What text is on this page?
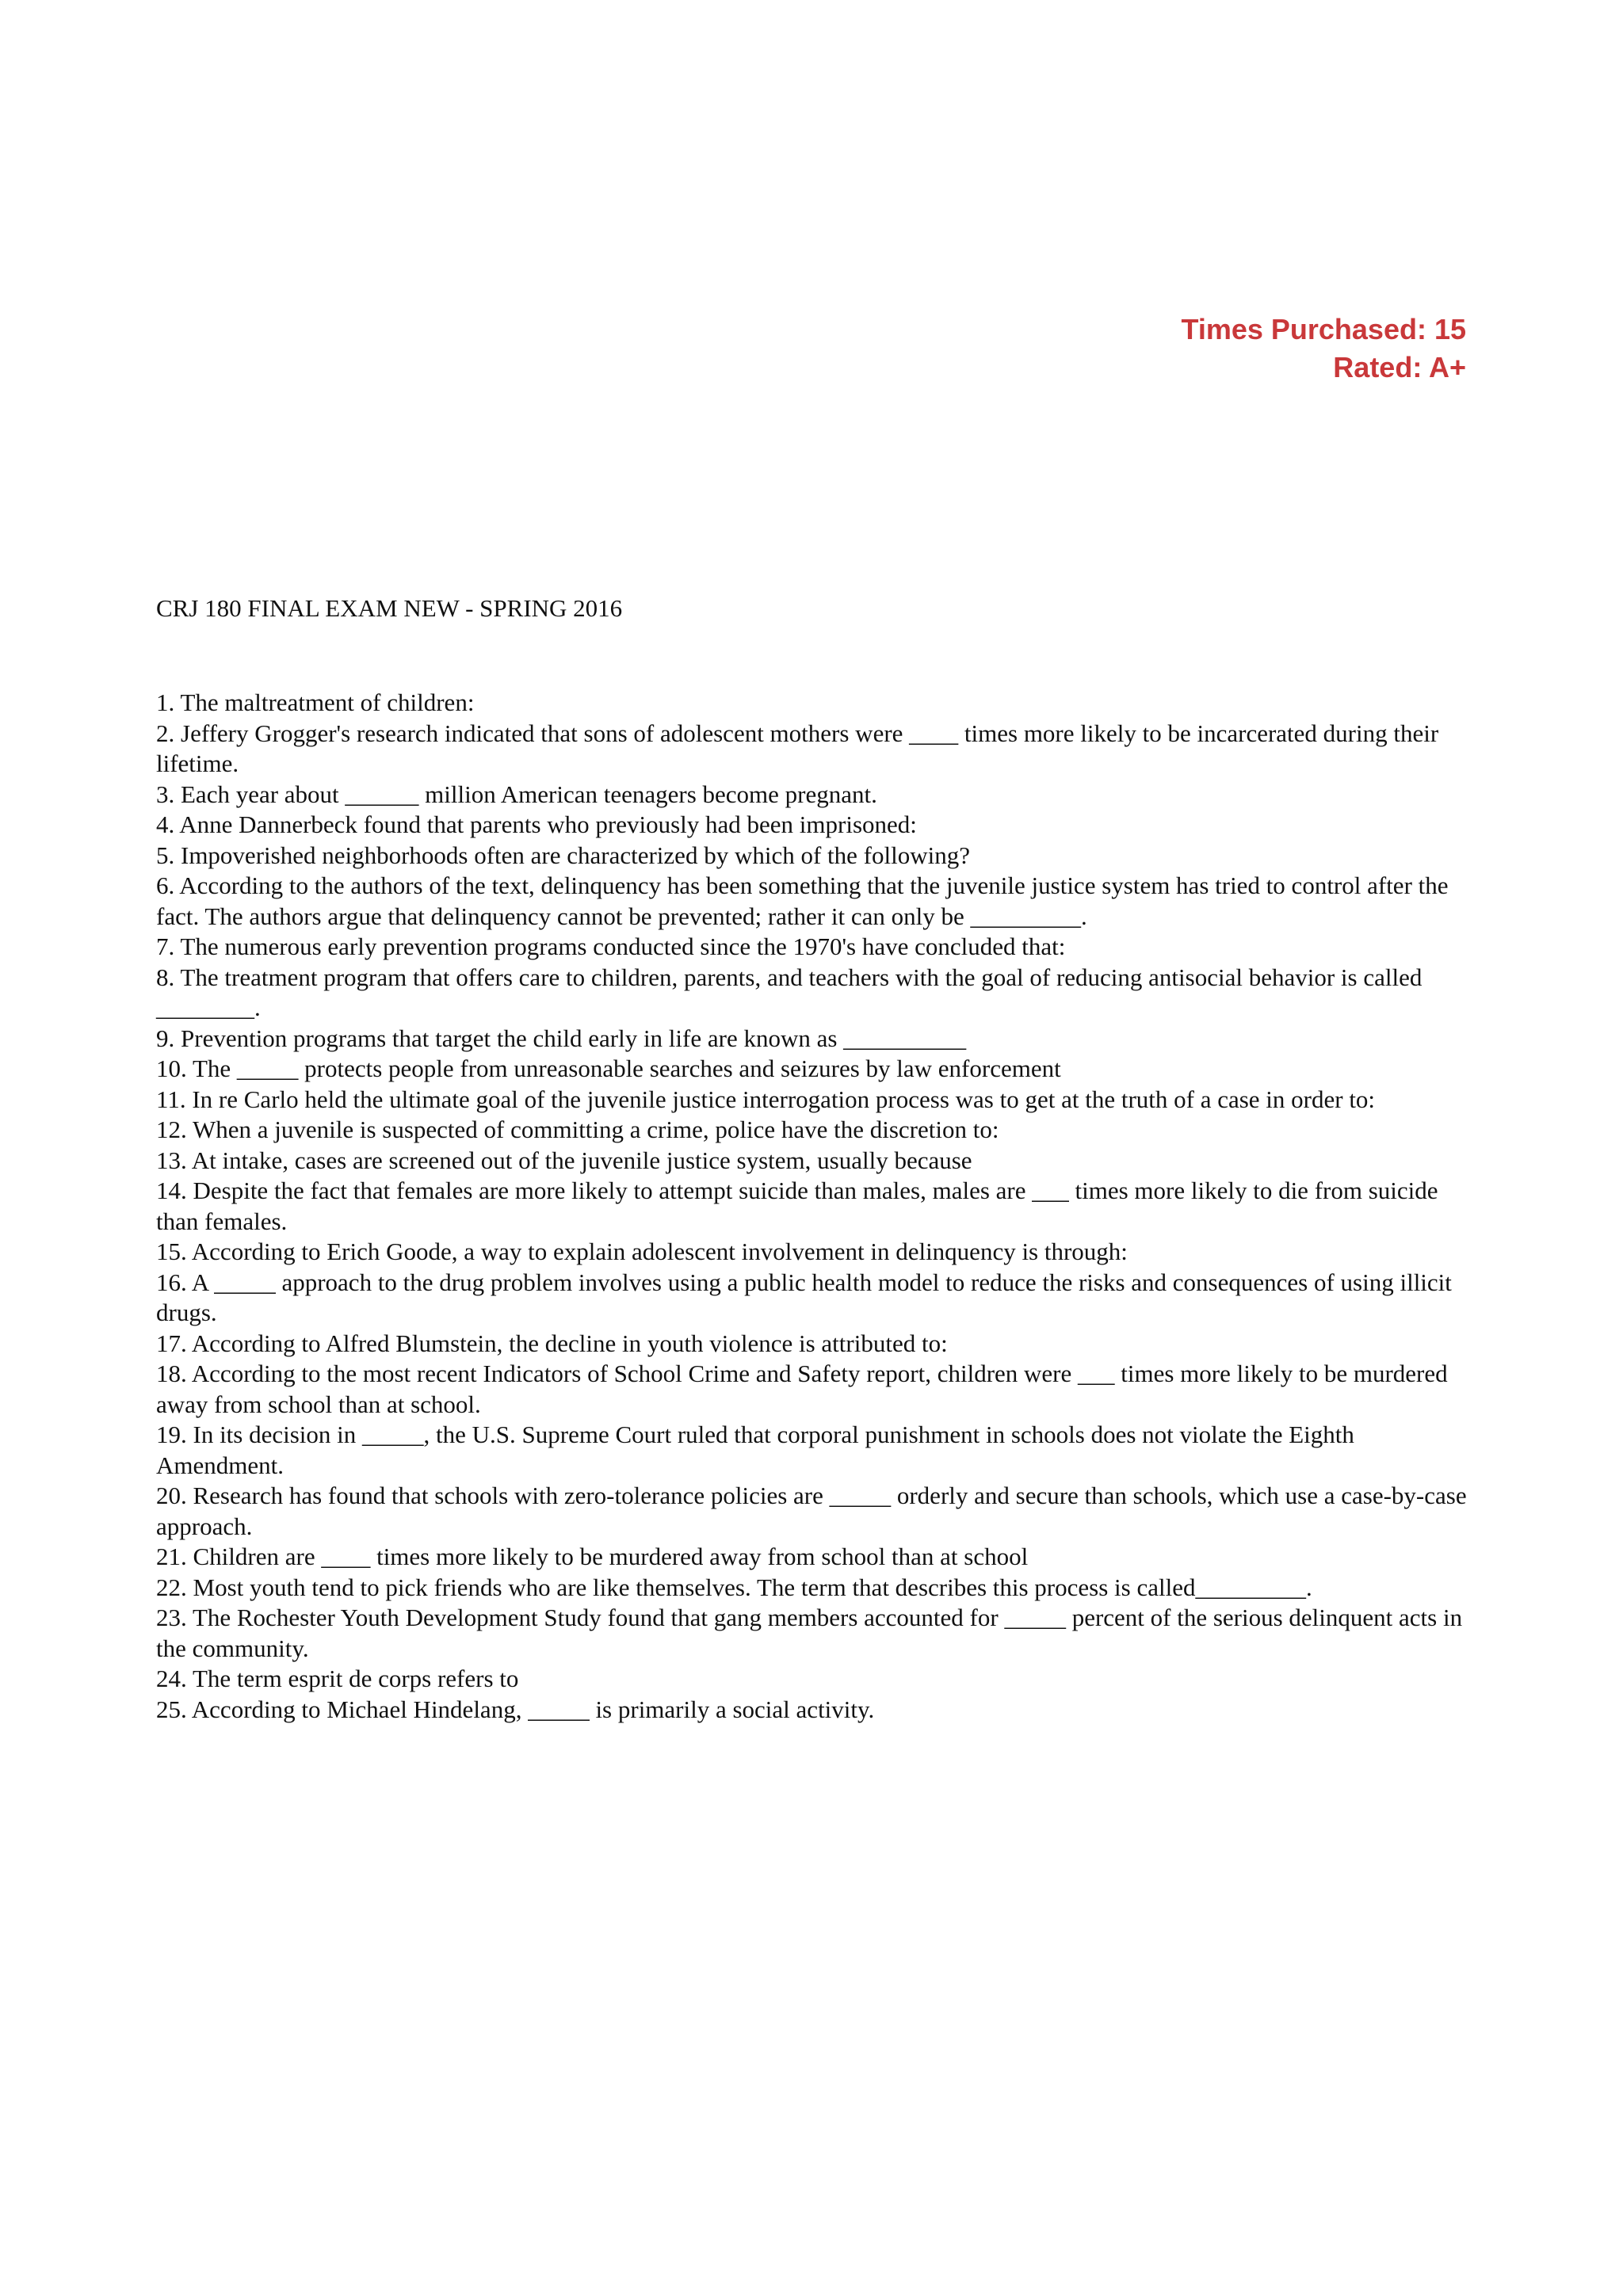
Times Purchased: 15
Rated: A+
CRJ 180 FINAL EXAM NEW - SPRING 2016
1. The maltreatment of children:
2. Jeffery Grogger's research indicated that sons of adolescent mothers were ____ times more likely to be incarcerated during their lifetime.
3. Each year about ______ million American teenagers become pregnant.
4. Anne Dannerbeck found that parents who previously had been imprisoned:
5. Impoverished neighborhoods often are characterized by which of the following?
6. According to the authors of the text, delinquency has been something that the juvenile justice system has tried to control after the fact. The authors argue that delinquency cannot be prevented; rather it can only be _________.
7. The numerous early prevention programs conducted since the 1970's have concluded that:
8. The treatment program that offers care to children, parents, and teachers with the goal of reducing antisocial behavior is called ________.
9. Prevention programs that target the child early in life are known as __________
10. The _____ protects people from unreasonable searches and seizures by law enforcement
11. In re Carlo held the ultimate goal of the juvenile justice interrogation process was to get at the truth of a case in order to:
12. When a juvenile is suspected of committing a crime, police have the discretion to:
13. At intake, cases are screened out of the juvenile justice system, usually because
14. Despite the fact that females are more likely to attempt suicide than males, males are ___ times more likely to die from suicide than females.
15. According to Erich Goode, a way to explain adolescent involvement in delinquency is through:
16. A _____ approach to the drug problem involves using a public health model to reduce the risks and consequences of using illicit drugs.
17. According to Alfred Blumstein, the decline in youth violence is attributed to:
18. According to the most recent Indicators of School Crime and Safety report, children were ___ times more likely to be murdered away from school than at school.
19. In its decision in _____, the U.S. Supreme Court ruled that corporal punishment in schools does not violate the Eighth Amendment.
20. Research has found that schools with zero-tolerance policies are _____ orderly and secure than schools, which use a case-by-case approach.
21. Children are ____ times more likely to be murdered away from school than at school
22. Most youth tend to pick friends who are like themselves. The term that describes this process is called_________.
23. The Rochester Youth Development Study found that gang members accounted for _____ percent of the serious delinquent acts in the community.
24. The term esprit de corps refers to
25. According to Michael Hindelang, _____ is primarily a social activity.
